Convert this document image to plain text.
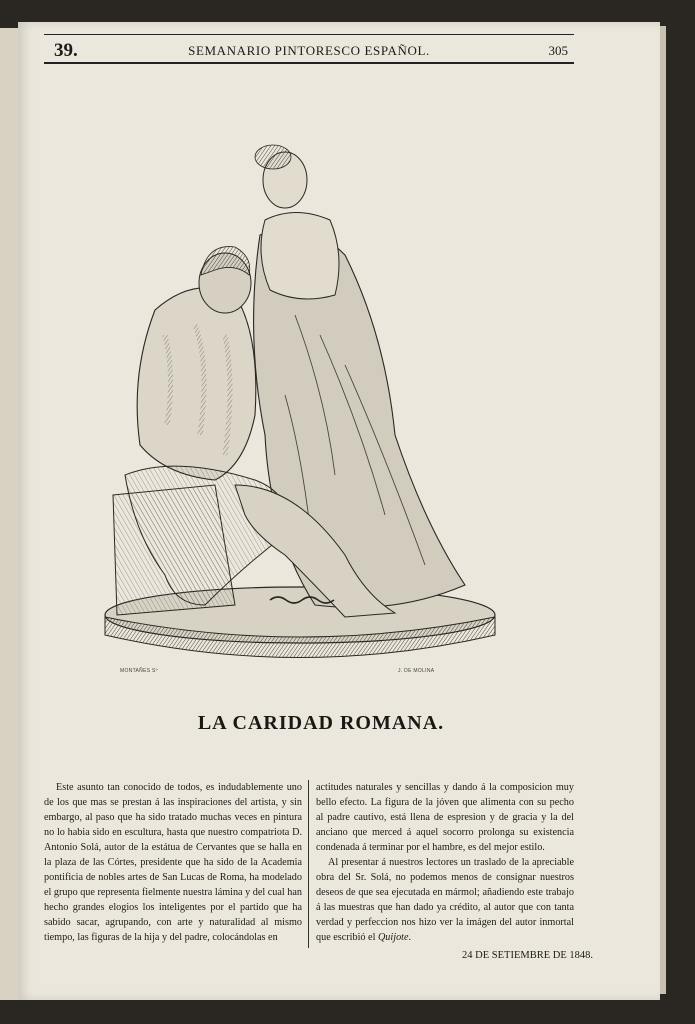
39.	SEMANARIO PINTORESCO ESPAÑOL.	305
MONTAÑES Sº	J. DE MOLINA
LA CARIDAD ROMANA.

Este asunto tan conocido de todos, es indudablemente uno de los que mas se prestan á las inspiraciones del artista, y sin embargo, al paso que ha sido tratado muchas veces en pintura no lo habia sido en escultura, hasta que nuestro compatriota D. Antonio Solá, autor de la estátua de Cervantes que se halla en la plaza de las Córtes, presidente que ha sido de la Academia pontificia de nobles artes de San Lucas de Roma, ha modelado el grupo que representa fielmente nuestra lámina y del cual han hecho grandes elogios los inteligentes por el partido que ha sabido sacar, agrupando, con arte y naturalidad al mismo tiempo, las figuras de la hija y del padre, colocándolas en

actitudes naturales y sencillas y dando á la composicion muy bello efecto. La figura de la jóven que alimenta con su pecho al padre cautivo, está llena de espresion y de gracia y la del anciano que merced á aquel socorro prolonga su existencia condenada á terminar por el hambre, es del mejor estilo.

Al presentar á nuestros lectores un traslado de la apreciable obra del Sr. Solá, no podemos menos de consignar nuestros deseos de que sea ejecutada en mármol; añadiendo este trabajo á las muestras que han dado ya crédito, al autor que con tanta verdad y perfeccion nos hizo ver la imágen del autor inmortal que escribió el Quijote.

24 DE SETIEMBRE DE 1848.
